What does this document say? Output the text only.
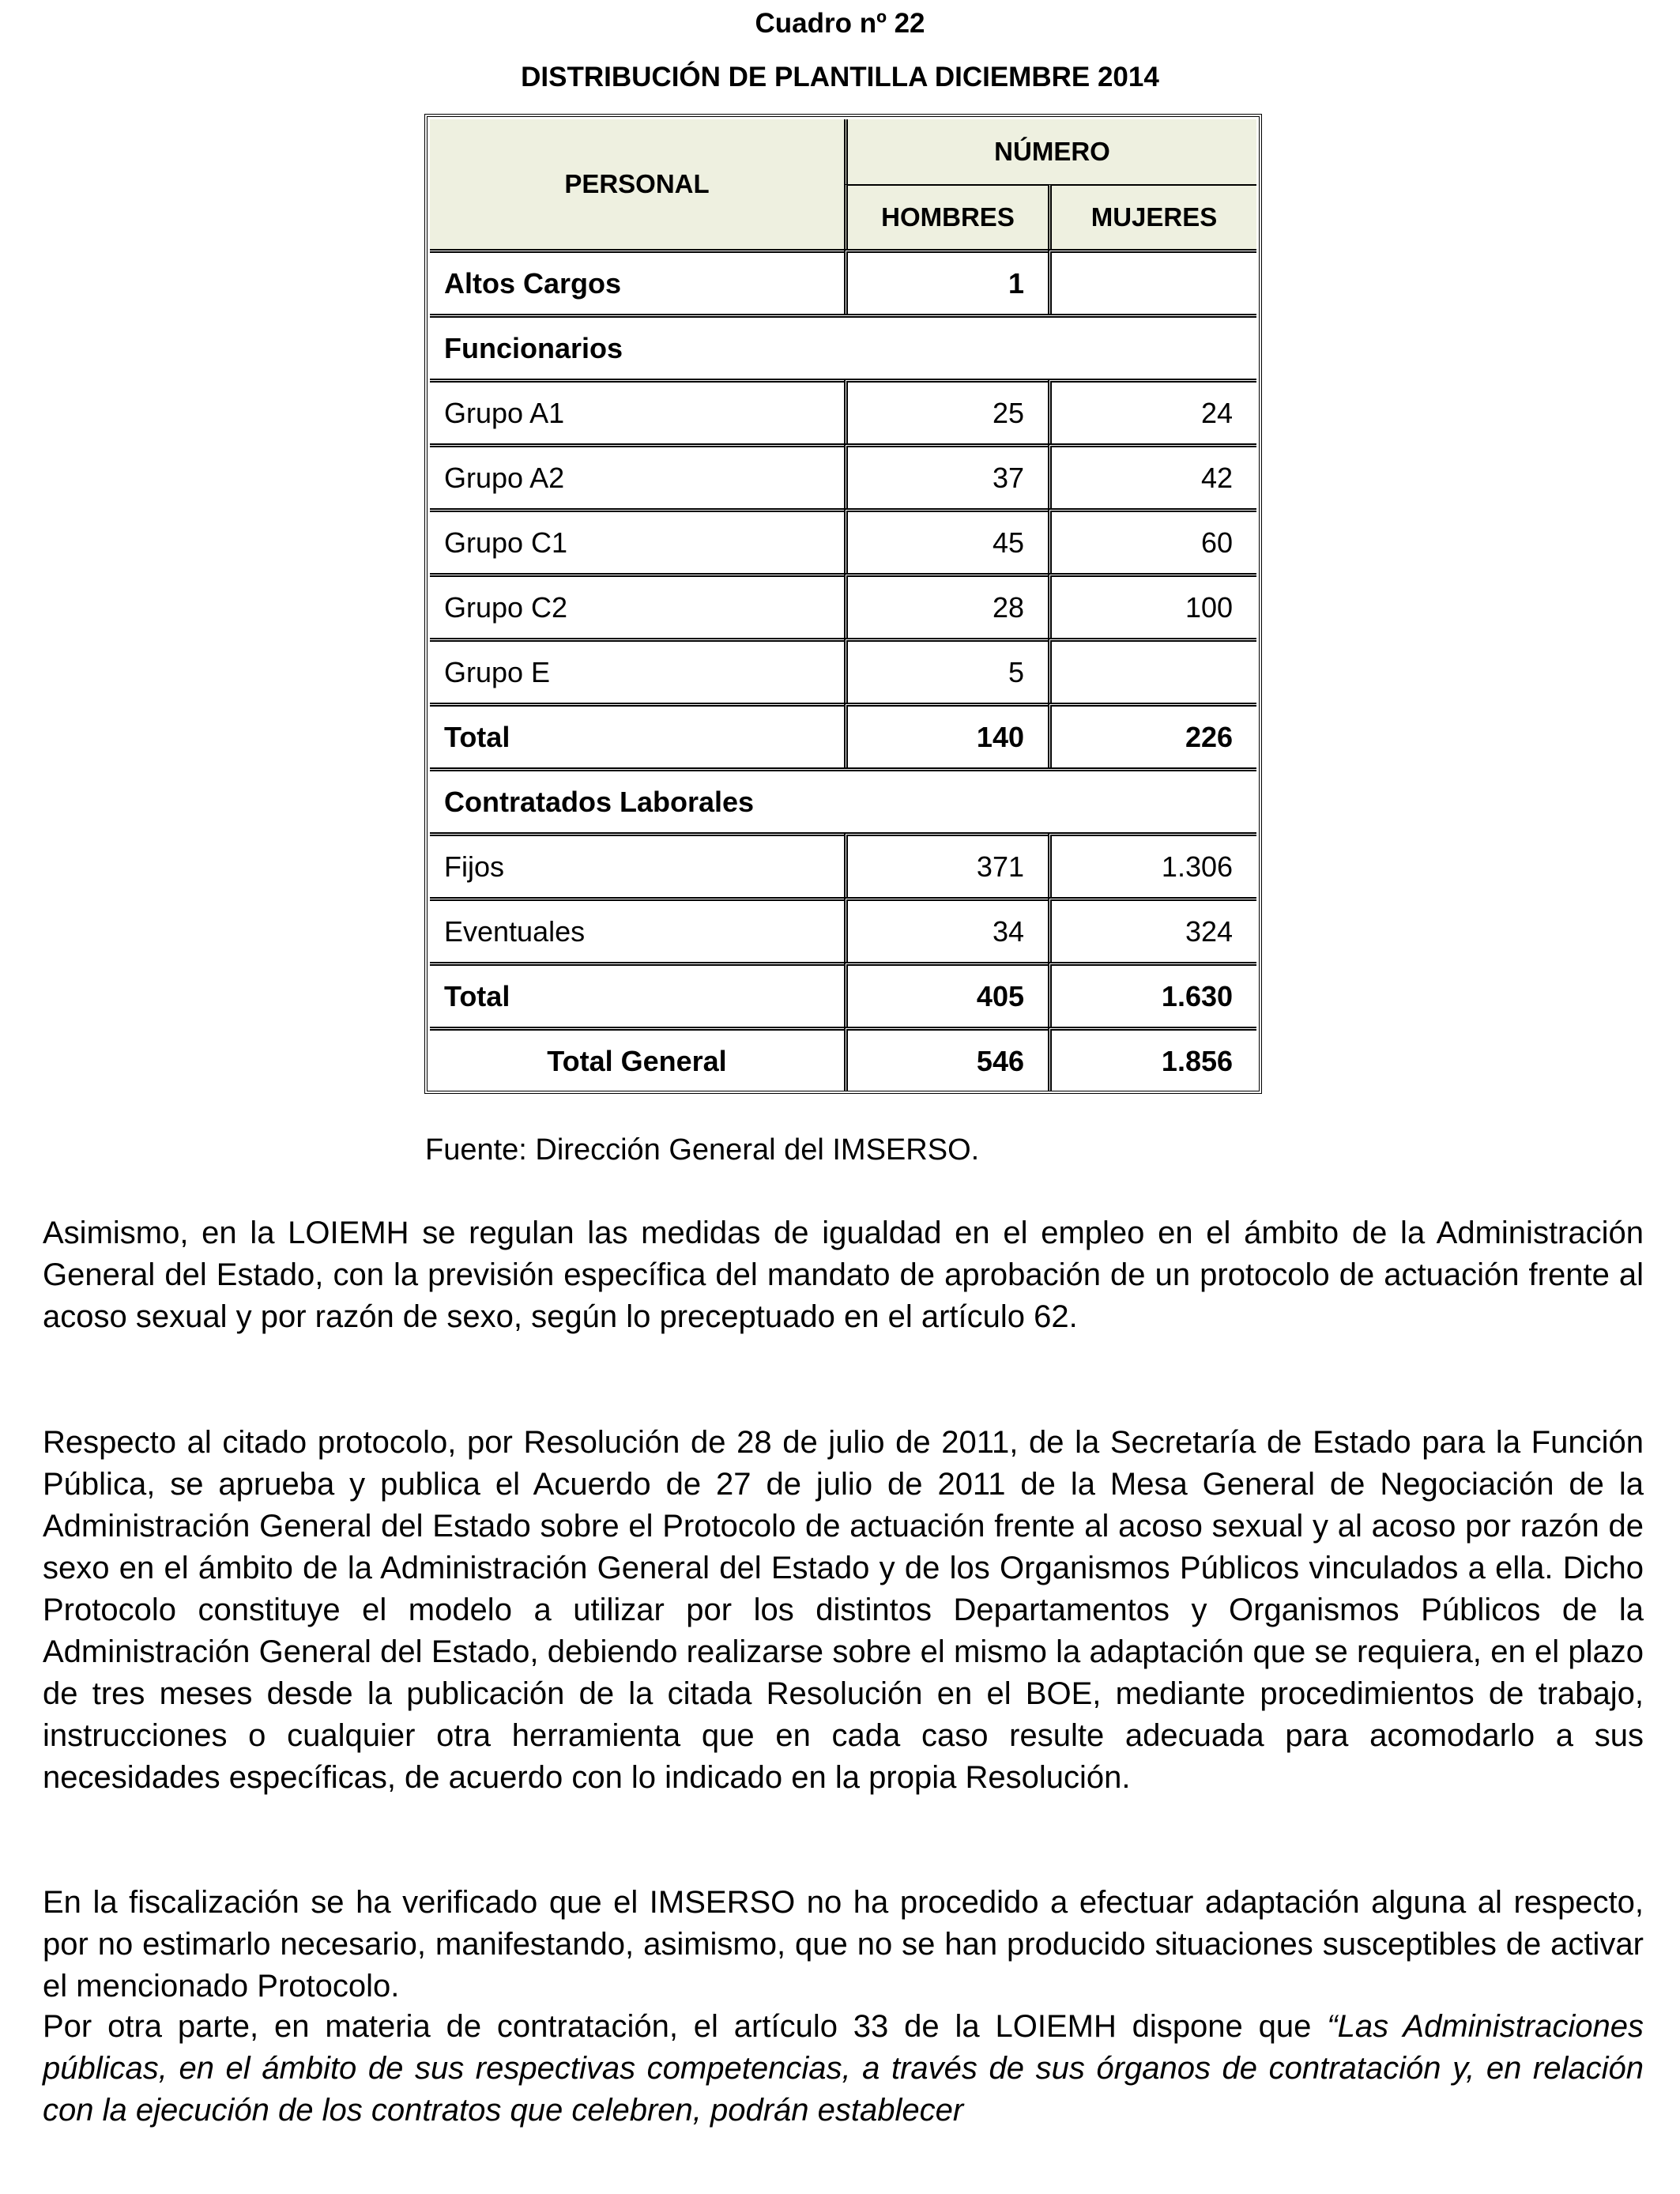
Cuadro nº 22
DISTRIBUCIÓN DE PLANTILLA DICIEMBRE 2014
PERSONAL	NÚMERO	
	HOMBRES	MUJERES
Altos Cargos	1	
Funcionarios		
Grupo A1	25	24
Grupo A2	37	42
Grupo C1	45	60
Grupo C2	28	100
Grupo E	5	
Total	140	226
Contratados Laborales		
Fijos	371	1.306
Eventuales	34	324
Total	405	1.630
Total General	546	1.856
Fuente: Dirección General del IMSERSO.
Asimismo, en la LOIEMH se regulan las medidas de igualdad en el empleo en el ámbito de la Administración General del Estado, con la previsión específica del mandato de aprobación de un protocolo de actuación frente al acoso sexual y por razón de sexo, según lo preceptuado en el artículo 62.
Respecto al citado protocolo, por Resolución de 28 de julio de 2011, de la Secretaría de Estado para la Función Pública, se aprueba y publica el Acuerdo de 27 de julio de 2011 de la Mesa General de Negociación de la Administración General del Estado sobre el Protocolo de actuación frente al acoso sexual y al acoso por razón de sexo en el ámbito de la Administración General del Estado y de los Organismos Públicos vinculados a ella. Dicho Protocolo constituye el modelo a utilizar por los distintos Departamentos y Organismos Públicos de la Administración General del Estado, debiendo realizarse sobre el mismo la adaptación que se requiera, en el plazo de tres meses desde la publicación de la citada Resolución en el BOE, mediante procedimientos de trabajo, instrucciones o cualquier otra herramienta que en cada caso resulte adecuada para acomodarlo a sus necesidades específicas, de acuerdo con lo indicado en la propia Resolución.
En la fiscalización se ha verificado que el IMSERSO no ha procedido a efectuar adaptación alguna al respecto, por no estimarlo necesario, manifestando, asimismo, que no se han producido situaciones susceptibles de activar el mencionado Protocolo.
Por otra parte, en materia de contratación, el artículo 33 de la LOIEMH dispone que “Las Administraciones públicas, en el ámbito de sus respectivas competencias, a través de sus órganos de contratación y, en relación con la ejecución de los contratos que celebren, podrán establecer
